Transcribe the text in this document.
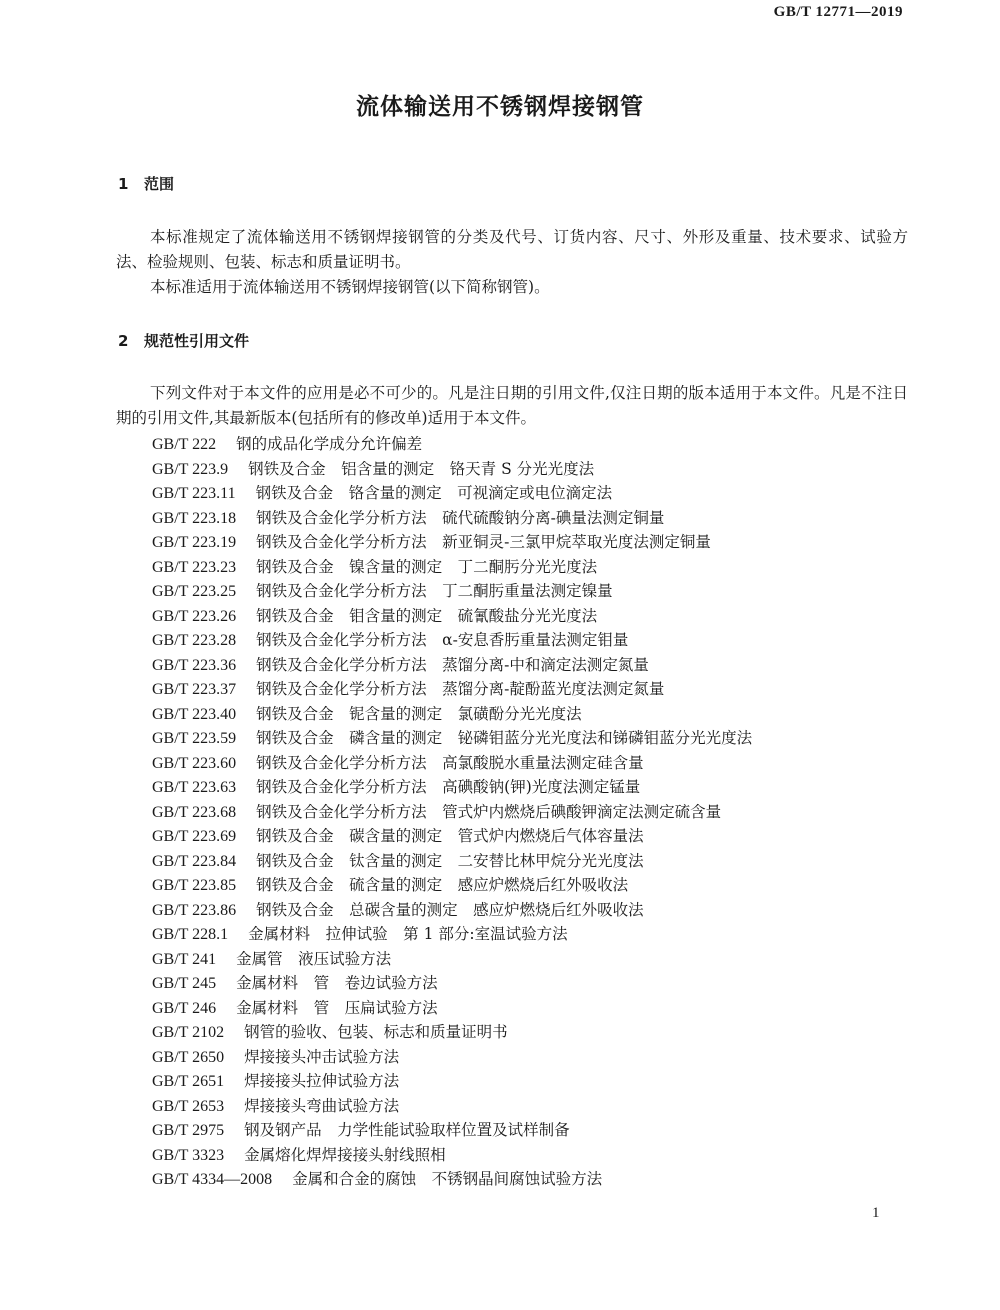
GB/T 12771—2019
流体输送用不锈钢焊接钢管
1 范围
本标准规定了流体输送用不锈钢焊接钢管的分类及代号、订货内容、尺寸、外形及重量、技术要求、试验方法、检验规则、包装、标志和质量证明书。
本标准适用于流体输送用不锈钢焊接钢管(以下简称钢管)。
2 规范性引用文件
下列文件对于本文件的应用是必不可少的。凡是注日期的引用文件,仅注日期的版本适用于本文件。凡是不注日期的引用文件,其最新版本(包括所有的修改单)适用于本文件。
GB/T 222 钢的成品化学成分允许偏差
GB/T 223.9 钢铁及合金　铝含量的测定　铬天青 S 分光光度法
GB/T 223.11 钢铁及合金　铬含量的测定　可视滴定或电位滴定法
GB/T 223.18 钢铁及合金化学分析方法　硫代硫酸钠分离-碘量法测定铜量
GB/T 223.19 钢铁及合金化学分析方法　新亚铜灵-三氯甲烷萃取光度法测定铜量
GB/T 223.23 钢铁及合金　镍含量的测定　丁二酮肟分光光度法
GB/T 223.25 钢铁及合金化学分析方法　丁二酮肟重量法测定镍量
GB/T 223.26 钢铁及合金　钼含量的测定　硫氰酸盐分光光度法
GB/T 223.28 钢铁及合金化学分析方法　α-安息香肟重量法测定钼量
GB/T 223.36 钢铁及合金化学分析方法　蒸馏分离-中和滴定法测定氮量
GB/T 223.37 钢铁及合金化学分析方法　蒸馏分离-靛酚蓝光度法测定氮量
GB/T 223.40 钢铁及合金　铌含量的测定　氯磺酚分光光度法
GB/T 223.59 钢铁及合金　磷含量的测定　铋磷钼蓝分光光度法和锑磷钼蓝分光光度法
GB/T 223.60 钢铁及合金化学分析方法　高氯酸脱水重量法测定硅含量
GB/T 223.63 钢铁及合金化学分析方法　高碘酸钠(钾)光度法测定锰量
GB/T 223.68 钢铁及合金化学分析方法　管式炉内燃烧后碘酸钾滴定法测定硫含量
GB/T 223.69 钢铁及合金　碳含量的测定　管式炉内燃烧后气体容量法
GB/T 223.84 钢铁及合金　钛含量的测定　二安替比林甲烷分光光度法
GB/T 223.85 钢铁及合金　硫含量的测定　感应炉燃烧后红外吸收法
GB/T 223.86 钢铁及合金　总碳含量的测定　感应炉燃烧后红外吸收法
GB/T 228.1 金属材料　拉伸试验　第 1 部分:室温试验方法
GB/T 241 金属管　液压试验方法
GB/T 245 金属材料　管　卷边试验方法
GB/T 246 金属材料　管　压扁试验方法
GB/T 2102 钢管的验收、包装、标志和质量证明书
GB/T 2650 焊接接头冲击试验方法
GB/T 2651 焊接接头拉伸试验方法
GB/T 2653 焊接接头弯曲试验方法
GB/T 2975 钢及钢产品　力学性能试验取样位置及试样制备
GB/T 3323 金属熔化焊焊接接头射线照相
GB/T 4334—2008 金属和合金的腐蚀　不锈钢晶间腐蚀试验方法
1
